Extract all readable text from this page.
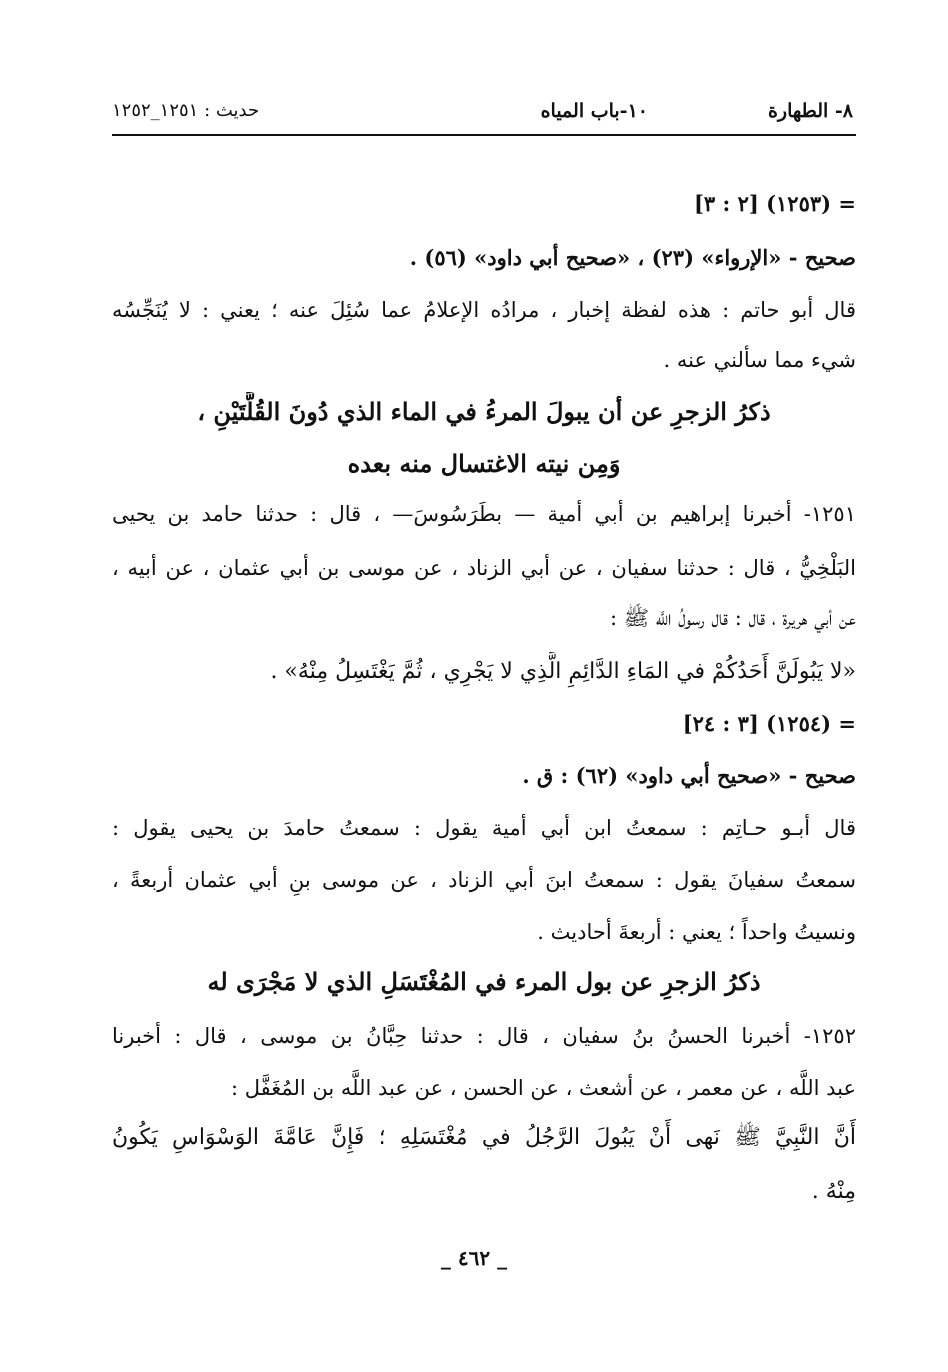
٨- الطهارة
١٠-باب المياه
حديث : ١٢٥١_١٢٥٢
= (١٢٥٣) [٢ : ٣]
صحيح - «الإرواء» (٢٣) ، «صحيح أبي داود» (٥٦) .
قال أبو حاتم : هذه لفظة إخبار ، مرادُه الإعلامُ عما سُئِلَ عنه ؛ يعني : لا يُنَجِّسُه
شيء مما سألني عنه .
ذكرُ الزجرِ عن أن يبولَ المرءُ في الماء الذي دُونَ القُلَّتَيْنِ ،
وَمِن نيته الاغتسال منه بعده
١٢٥١- أخبرنا إبراهيم بن أبي أمية — بطَرَسُوسَ— ، قال : حدثنا حامد بن يحيى
البَلْخِيُّ ، قال : حدثنا سفيان ، عن أبي الزناد ، عن موسى بن أبي عثمان ، عن أبيه ،
عن أبي هريرة ، قال : قال رسولُ اللَّه ﷺ :
«لا يَبُولَنَّ أَحَدُكُمْ في المَاءِ الدَّائِمِ الَّذِي لا يَجْرِي ، ثُمَّ يَغْتَسِلُ مِنْهُ» .
= (١٢٥٤) [٣ : ٢٤]
صحيح - «صحيح أبي داود» (٦٢) : ق .
قال أبـو حـاتِم : سمعتُ ابن أبي أمية يقول : سمعتُ حامدَ بن يحيى يقول :
سمعتُ سفيانَ يقول : سمعتُ ابنَ أبي الزناد ، عن موسى بنِ أبي عثمان أربعةً ،
ونسيتُ واحداً ؛ يعني : أربعةَ أحاديث .
ذكرُ الزجرِ عن بول المرء في المُغْتَسَلِ الذي لا مَجْرَى له
١٢٥٢- أخبرنا الحسنُ بنُ سفيان ، قال : حدثنا حِبَّانُ بن موسى ، قال : أخبرنا
عبد اللَّه ، عن معمر ، عن أشعث ، عن الحسن ، عن عبد اللَّه بن المُغَفَّل :
أَنَّ النَّبِيَّ ﷺ نَهى أَنْ يَبُولَ الرَّجُلُ في مُغْتَسَلِهِ ؛ فَإِنَّ عَامَّةَ الوَسْوَاسِ يَكُونُ
مِنْهُ .
_ ٤٦٢ _
